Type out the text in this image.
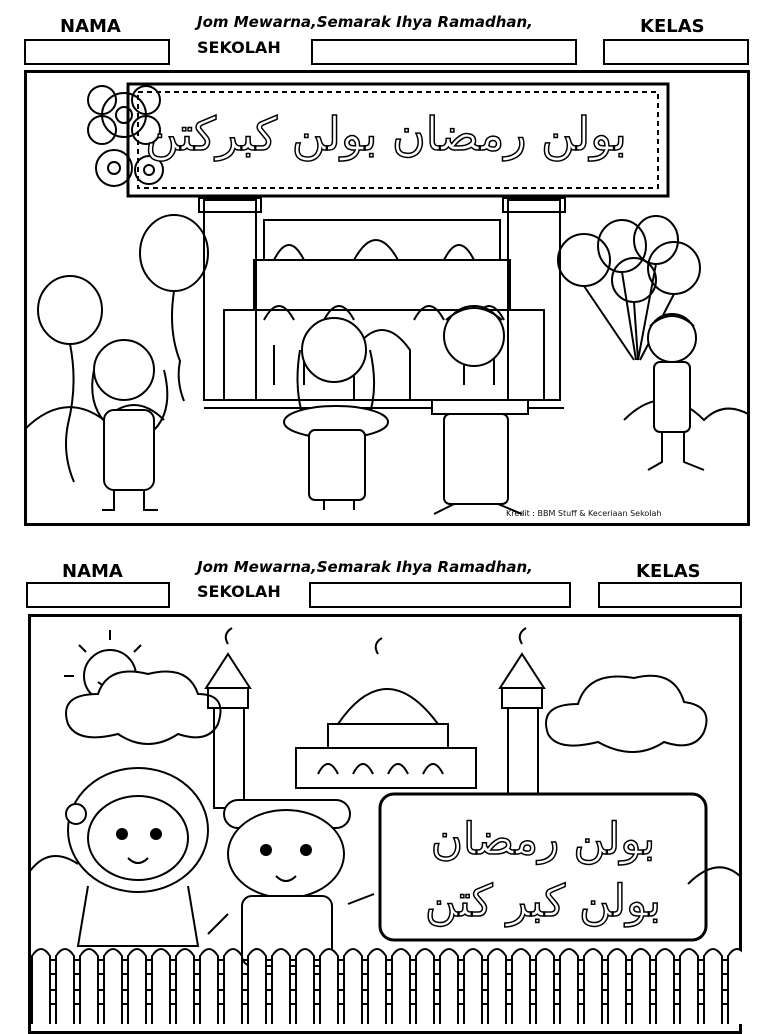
NAMA	Jom Mewarna,Semarak Ihya Ramadhan,
SEKOLAH
KELAS
بولن رمضان بولن كبركتن
Kredit : BBM Stuff & Keceriaan Sekolah
NAMA	Jom Mewarna,Semarak Ihya Ramadhan,
SEKOLAH
KELAS
بولن رمضان
بولن كبر كتن
